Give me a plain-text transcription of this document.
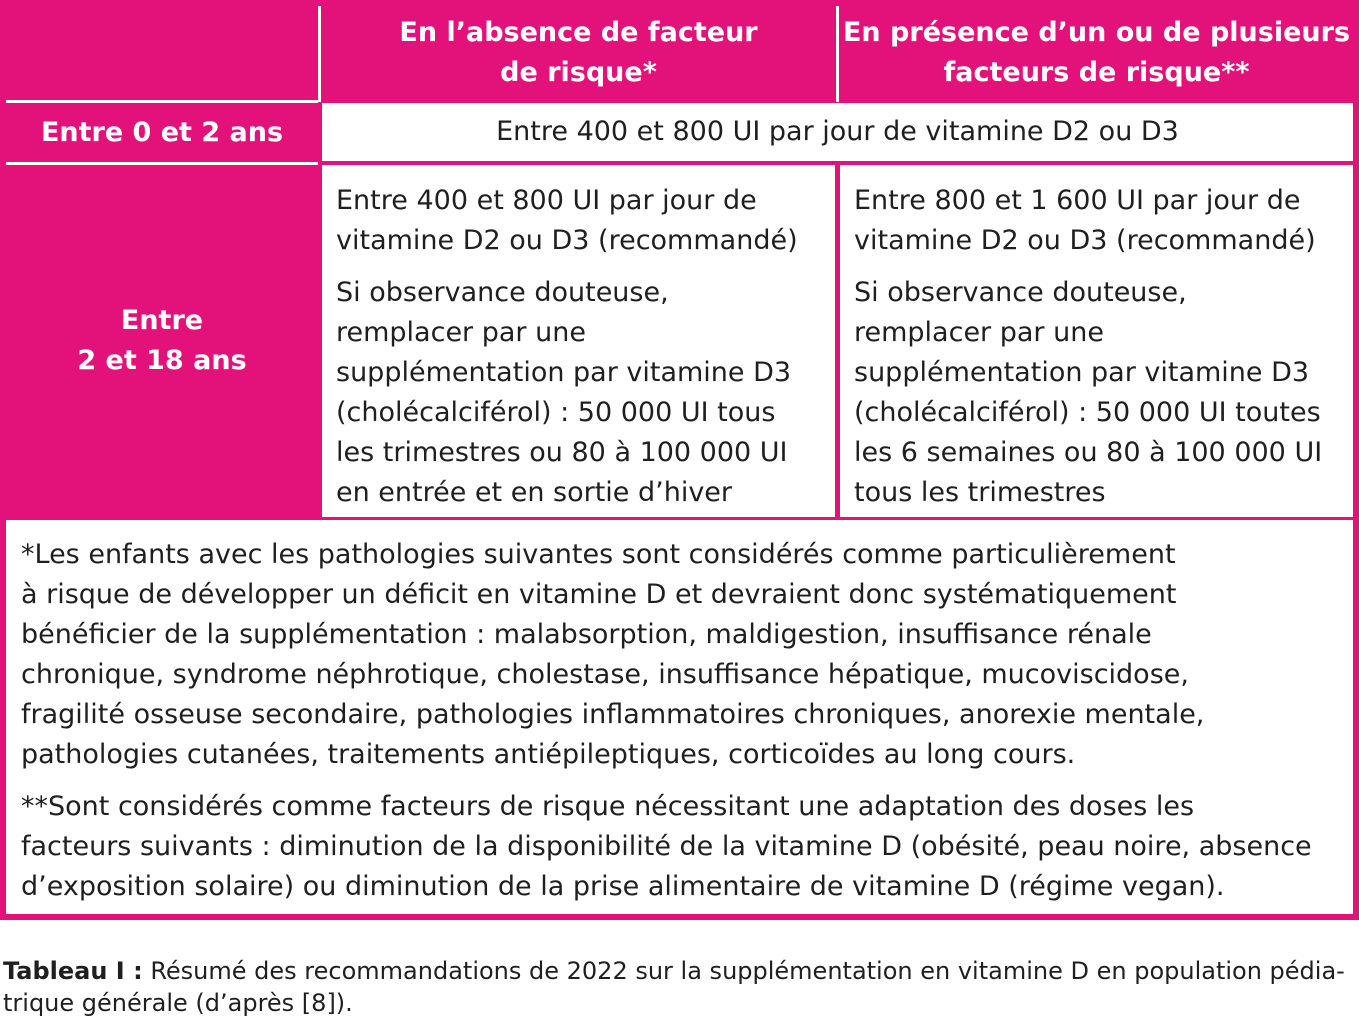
En l’absence de facteur
de risque*
En présence d’un ou de plusieurs
facteurs de risque**
Entre 0 et 2 ans	Entre 400 et 800 UI par jour de vitamine D2 ou D3
Entre
2 et 18 ans

Entre 400 et 800 UI par jour de
vitamine D2 ou D3 (recommandé)

Si observance douteuse,
remplacer par une
supplémentation par vitamine D3
(cholécalciférol) : 50 000 UI tous
les trimestres ou 80 à 100 000 UI
en entrée et en sortie d’hiver

Entre 800 et 1 600 UI par jour de
vitamine D2 ou D3 (recommandé)

Si observance douteuse,
remplacer par une
supplémentation par vitamine D3
(cholécalciférol) : 50 000 UI toutes
les 6 semaines ou 80 à 100 000 UI
tous les trimestres

*Les enfants avec les pathologies suivantes sont considérés comme particulièrement
à risque de développer un déficit en vitamine D et devraient donc systématiquement
bénéficier de la supplémentation : malabsorption, maldigestion, insuffisance rénale
chronique, syndrome néphrotique, cholestase, insuffisance hépatique, mucoviscidose,
fragilité osseuse secondaire, pathologies inflammatoires chroniques, anorexie mentale,
pathologies cutanées, traitements antiépileptiques, corticoïdes au long cours.

**Sont considérés comme facteurs de risque nécessitant une adaptation des doses les
facteurs suivants : diminution de la disponibilité de la vitamine D (obésité, peau noire, absence
d’exposition solaire) ou diminution de la prise alimentaire de vitamine D (régime vegan).

Tableau I : Résumé des recommandations de 2022 sur la supplémentation en vitamine D en population pédia-
trique générale (d’après [8]).
